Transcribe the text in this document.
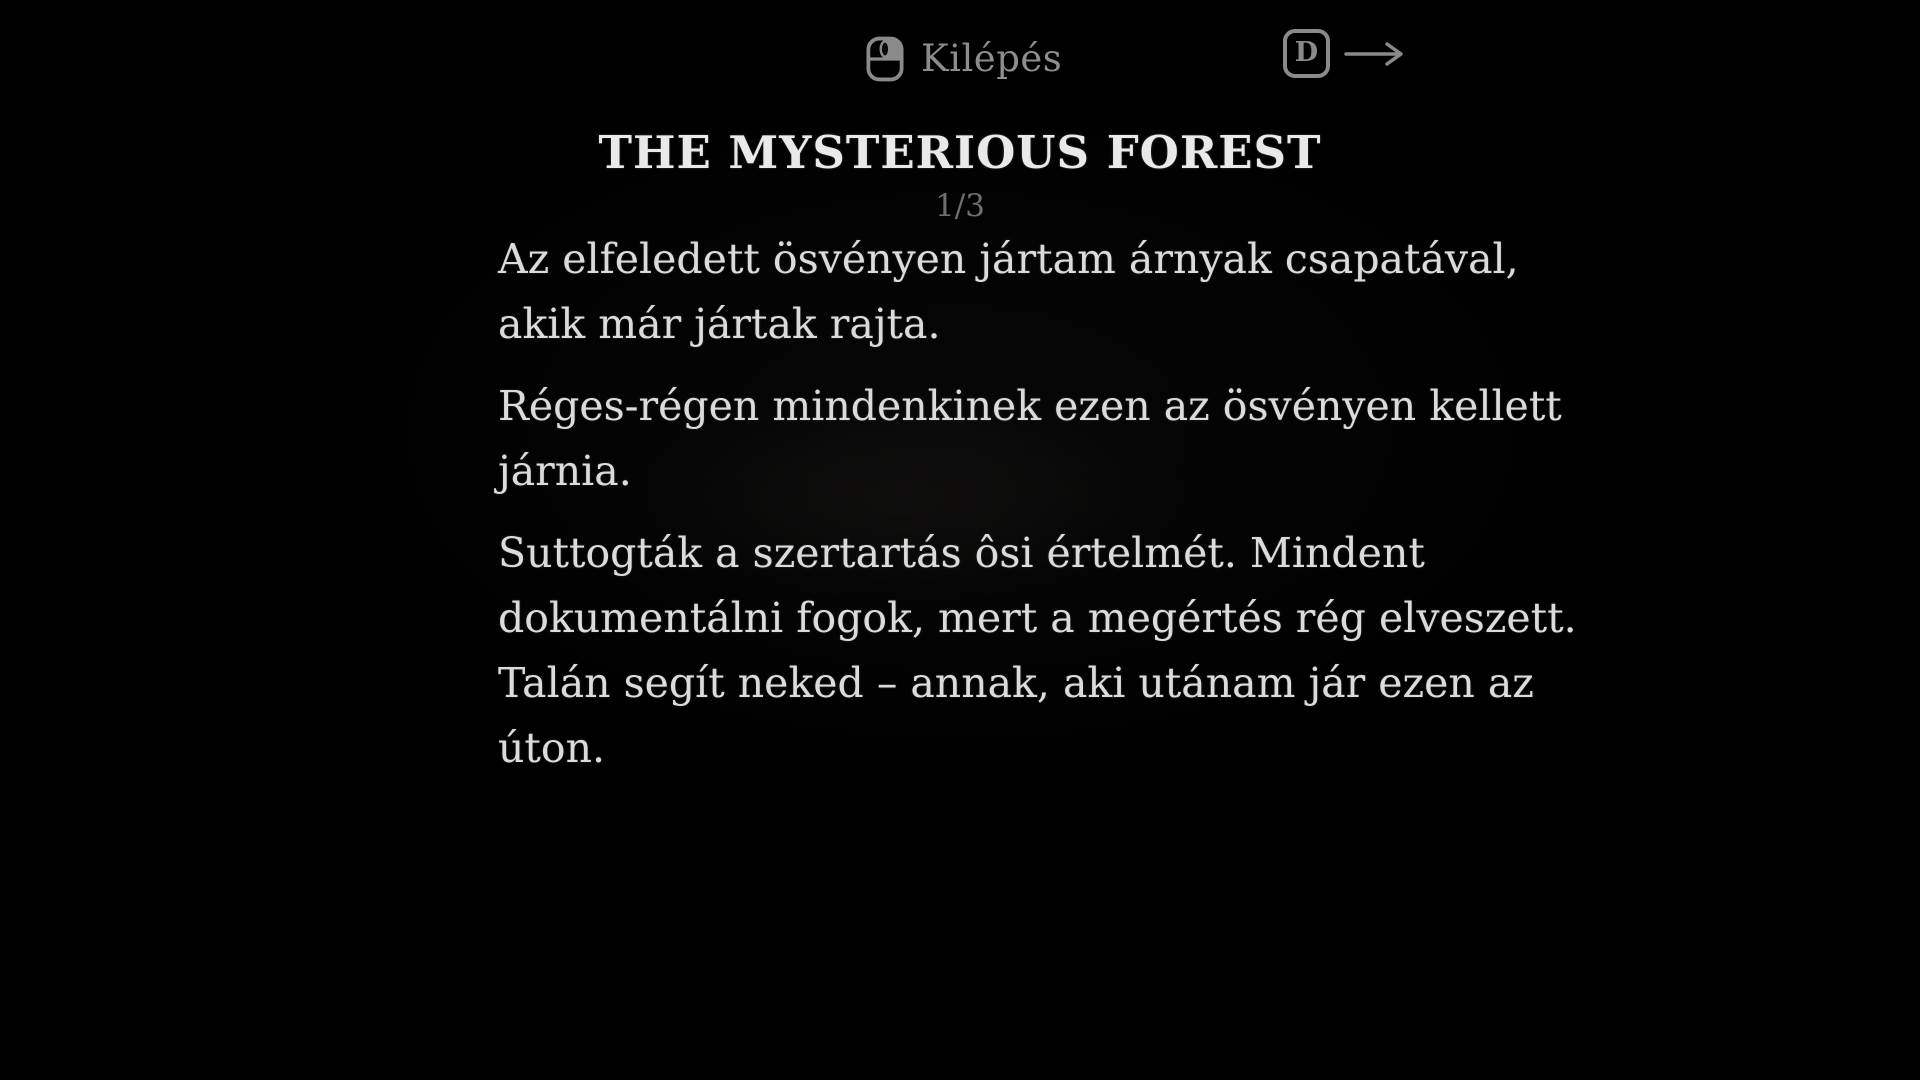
Kilépés	D
THE MYSTERIOUS FOREST
1/3
Az elfeledett ösvényen jártam árnyak csapatával,
akik már jártak rajta.
Réges-régen mindenkinek ezen az ösvényen kellett
járnia.
Suttogták a szertartás ôsi értelmét. Mindent
dokumentálni fogok, mert a megértés rég elveszett.
Talán segít neked – annak, aki utánam jár ezen az
úton.
